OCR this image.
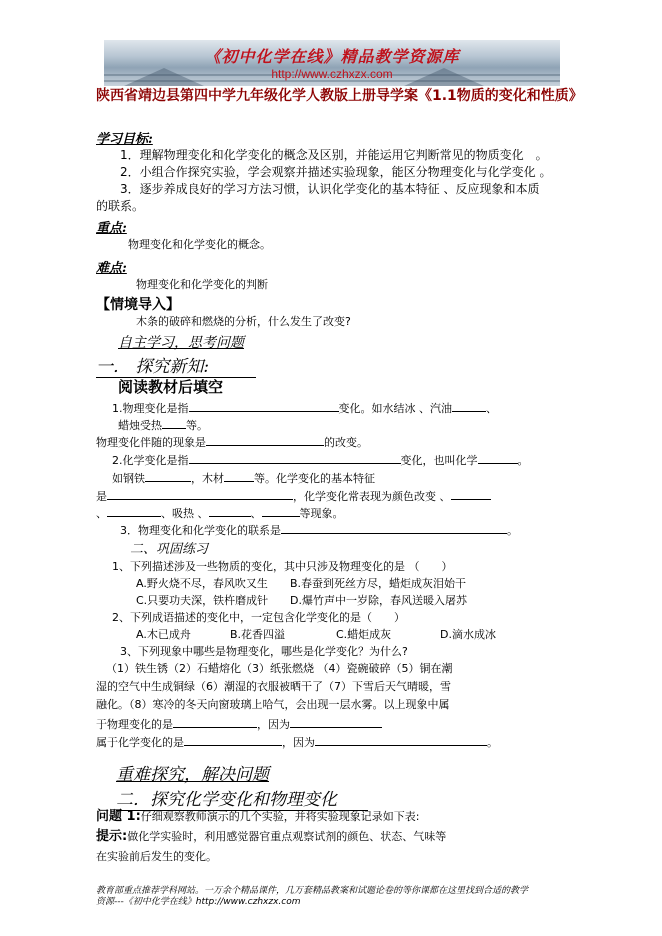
《初中化学在线》精品教学资源库
http://www.czhxzx.com
陕西省靖边县第四中学九年级化学人教版上册导学案《1.1物质的变化和性质》
学习目标:
1．理解物理变化和化学变化的概念及区别，并能运用它判断常见的物质变化　。
2．小组合作探究实验，学会观察并描述实验现象，能区分物理变化与化学变化 。
3．逐步养成良好的学习方法习惯，认识化学变化的基本特征 、反应现象和本质
的联系。
重点:
物理变化和化学变化的概念。
难点:
物理变化和化学变化的判断
【情境导入】
木条的破碎和燃烧的分析，什么发生了改变?
自主学习，思考问题
一． 探究新知:
阅读教材后填空
1.物理变化是指	变化。如水结冰 、汽油	、
蜡烛受热 等。
物理变化伴随的现象是	的改变。
2.化学变化是指	变化，也叫化学	。
如钢铁	，木材	等。化学变化的基本特征
是	，化学变化常表现为颜色改变 、
、	、吸热 、	、	等现象。
3．物理变化和化学变化的联系是	。
二、巩固练习
1、下列描述涉及一些物质的变化，其中只涉及物理变化的是 （　　）
A.野火烧不尽，春风吹又生 B.春蚕到死丝方尽，蜡炬成灰泪始干
C.只要功夫深，铁杵磨成针 D.爆竹声中一岁除，春风送暖入屠苏
2、下列成语描述的变化中，一定包含化学变化的是（　　）
A.木已成舟	B.花香四溢	C.蜡炬成灰	D.滴水成冰
3、下列现象中哪些是物理变化，哪些是化学变化？为什么?
（1）铁生锈（2）石蜡熔化（3）纸张燃烧 （4）瓷碗破碎（5）铜在潮
湿的空气中生成铜绿（6）潮湿的衣服被晒干了（7）下雪后天气晴暖，雪
融化。（8）寒冷的冬天向窗玻璃上哈气，会出现一层水雾。以上现象中属
于物理变化的是	，因为
属于化学变化的是	，因为	。
重难探究，解决问题
二．探究化学变化和物理变化
问题 1:仔细观察教师演示的几个实验，并将实验现象记录如下表:
提示:做化学实验时，利用感觉器官重点观察试剂的颜色、状态、气味等
在实验前后发生的变化。
教育部重点推荐学科网站。一万余个精品课件，几万套精品教案和试题论卷的等你课都在这里找到合适的教学
资源---《初中化学在线》http://www.czhxzx.com
